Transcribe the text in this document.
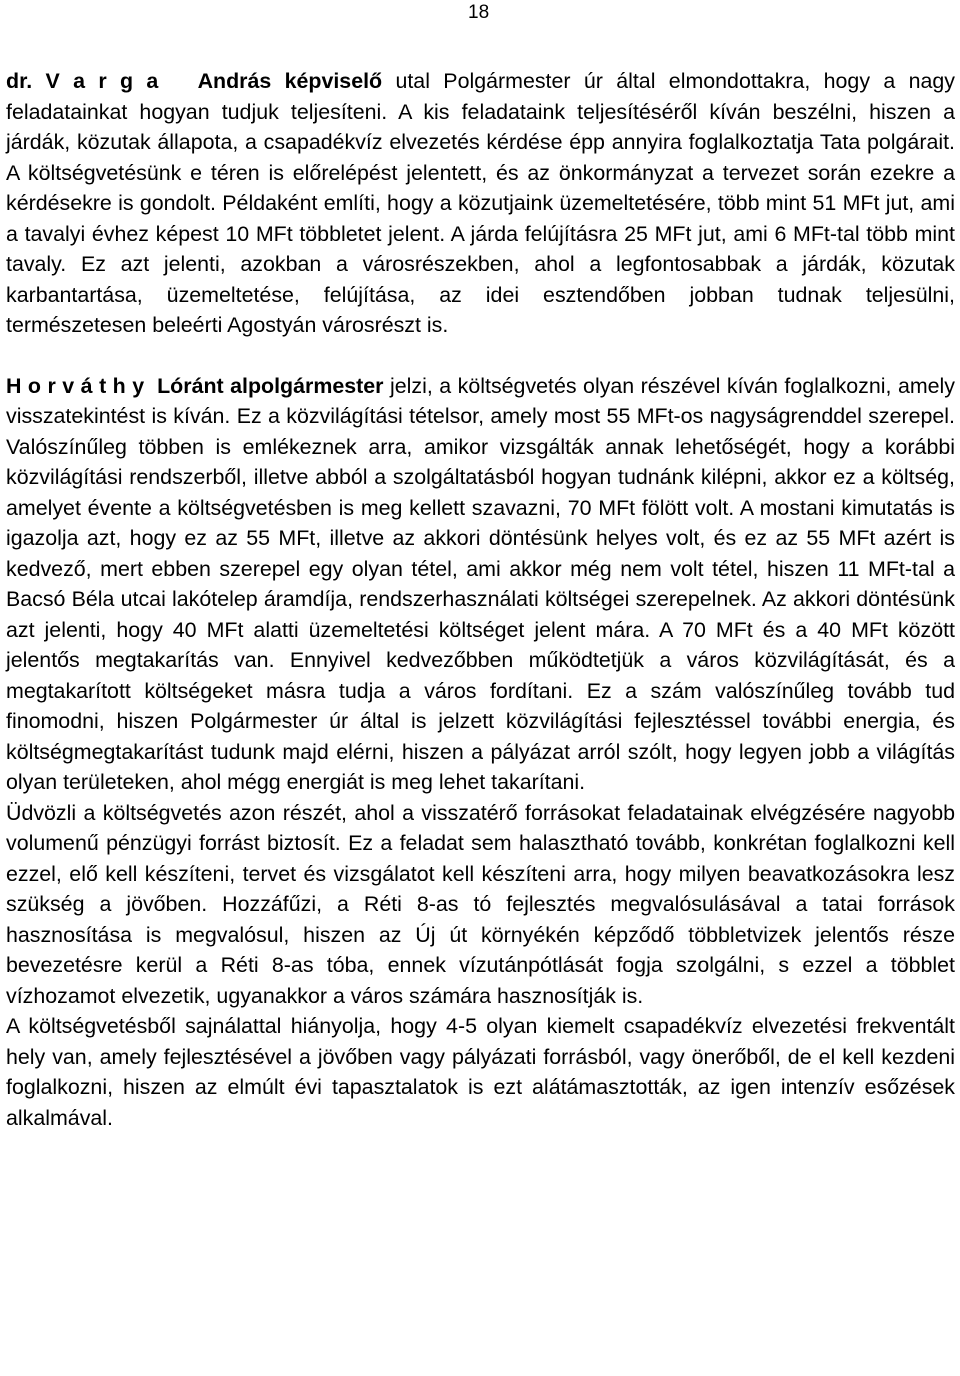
18

dr. V a r g a   András képviselő utal Polgármester úr által elmondottakra, hogy a nagy feladatainkat hogyan tudjuk teljesíteni. A kis feladataink teljesítéséről kíván beszélni, hiszen a járdák, közutak állapota, a csapadékvíz elvezetés kérdése épp annyira foglalkoztatja Tata polgárait. A költségvetésünk e téren is előrelépést jelentett, és az önkormányzat a tervezet során ezekre a kérdésekre is gondolt. Példaként említi, hogy a közutjaink üzemeltetésére, több mint 51 MFt jut, ami a tavalyi évhez képest 10 MFt többletet jelent. A járda felújításra 25 MFt jut, ami 6 MFt-tal több mint tavaly. Ez azt jelenti, azokban a városrészekben, ahol a legfontosabbak a járdák, közutak karbantartása, üzemeltetése, felújítása, az idei esztendőben jobban tudnak teljesülni, természetesen beleérti Agostyán városrészt is.

H o r v á t h y  Lóránt alpolgármester jelzi, a költségvetés olyan részével kíván foglalkozni, amely visszatekintést is kíván. Ez a közvilágítási tételsor, amely most 55 MFt-os nagyságrenddel szerepel. Valószínűleg többen is emlékeznek arra, amikor vizsgálták annak lehetőségét, hogy a korábbi közvilágítási rendszerből, illetve abból a szolgáltatásból hogyan tudnánk kilépni, akkor ez a költség, amelyet évente a költségvetésben is meg kellett szavazni, 70 MFt fölött volt. A mostani kimutatás is igazolja azt, hogy ez az 55 MFt, illetve az akkori döntésünk helyes volt, és ez az 55 MFt azért is kedvező, mert ebben szerepel egy olyan tétel, ami akkor még nem volt tétel, hiszen 11 MFt-tal a Bacsó Béla utcai lakótelep áramdíja, rendszerhasználati költségei szerepelnek. Az akkori döntésünk azt jelenti, hogy 40 MFt alatti üzemeltetési költséget jelent mára. A 70 MFt és a 40 MFt között jelentős megtakarítás van. Ennyivel kedvezőbben működtetjük a város közvilágítását, és a megtakarított költségeket másra tudja a város fordítani. Ez a szám valószínűleg tovább tud finomodni, hiszen Polgármester úr által is jelzett közvilágítási fejlesztéssel további energia, és költségmegtakarítást tudunk majd elérni, hiszen a pályázat arról szólt, hogy legyen jobb a világítás olyan területeken, ahol mégg energiát is meg lehet takarítani.

Üdvözli a költségvetés azon részét, ahol a visszatérő forrásokat feladatainak elvégzésére nagyobb volumenű pénzügyi forrást biztosít. Ez a feladat sem halasztható tovább, konkrétan foglalkozni kell ezzel, elő kell készíteni, tervet és vizsgálatot kell készíteni arra, hogy milyen beavatkozásokra lesz szükség a jövőben. Hozzáfűzi, a Réti 8-as tó fejlesztés megvalósulásával a tatai források hasznosítása is megvalósul, hiszen az Új út környékén képződő többletvizek jelentős része bevezetésre kerül a Réti 8-as tóba, ennek vízutánpótlását fogja szolgálni, s ezzel a többlet vízhozamot elvezetik, ugyanakkor a város számára hasznosítják is.

A költségvetésből sajnálattal hiányolja, hogy 4-5 olyan kiemelt csapadékvíz elvezetési frekventált hely van, amely fejlesztésével a jövőben vagy pályázati forrásból, vagy önerőből, de el kell kezdeni foglalkozni, hiszen az elmúlt évi tapasztalatok is ezt alátámasztották, az igen intenzív esőzések alkalmával.
